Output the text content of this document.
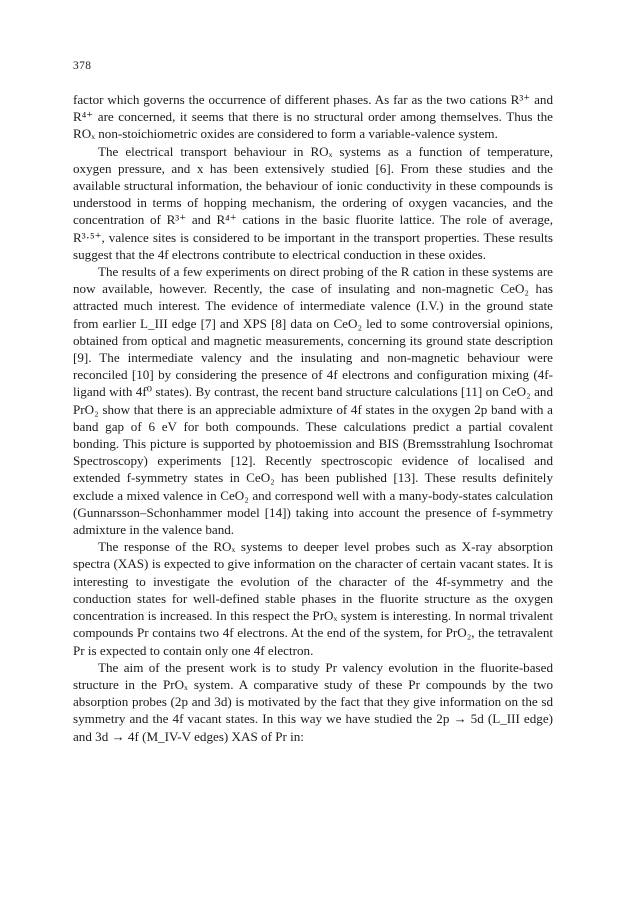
378

factor which governs the occurrence of different phases. As far as the two cations R³⁺ and R⁴⁺ are concerned, it seems that there is no structural order among themselves. Thus the ROₓ non-stoichiometric oxides are considered to form a variable-valence system.

The electrical transport behaviour in ROₓ systems as a function of temperature, oxygen pressure, and x has been extensively studied [6]. From these studies and the available structural information, the behaviour of ionic conductivity in these compounds is understood in terms of hopping mechanism, the ordering of oxygen vacancies, and the concentration of R³⁺ and R⁴⁺ cations in the basic fluorite lattice. The role of average, R³·⁵⁺, valence sites is considered to be important in the transport properties. These results suggest that the 4f electrons contribute to electrical conduction in these oxides.

The results of a few experiments on direct probing of the R cation in these systems are now available, however. Recently, the case of insulating and non-magnetic CeO₂ has attracted much interest. The evidence of intermediate valence (I.V.) in the ground state from earlier L_III edge [7] and XPS [8] data on CeO₂ led to some controversial opinions, obtained from optical and magnetic measurements, concerning its ground state description [9]. The intermediate valency and the insulating and non-magnetic behaviour were reconciled [10] by considering the presence of 4f electrons and configuration mixing (4f-ligand with 4f⁰ states). By contrast, the recent band structure calculations [11] on CeO₂ and PrO₂ show that there is an appreciable admixture of 4f states in the oxygen 2p band with a band gap of 6 eV for both compounds. These calculations predict a partial covalent bonding. This picture is supported by photoemission and BIS (Bremsstrahlung Isochromat Spectroscopy) experiments [12]. Recently spectroscopic evidence of localised and extended f-symmetry states in CeO₂ has been published [13]. These results definitely exclude a mixed valence in CeO₂ and correspond well with a many-body-states calculation (Gunnarsson–Schonhammer model [14]) taking into account the presence of f-symmetry admixture in the valence band.

The response of the ROₓ systems to deeper level probes such as X-ray absorption spectra (XAS) is expected to give information on the character of certain vacant states. It is interesting to investigate the evolution of the character of the 4f-symmetry and the conduction states for well-defined stable phases in the fluorite structure as the oxygen concentration is increased. In this respect the PrOₓ system is interesting. In normal trivalent compounds Pr contains two 4f electrons. At the end of the system, for PrO₂, the tetravalent Pr is expected to contain only one 4f electron.

The aim of the present work is to study Pr valency evolution in the fluorite-based structure in the PrOₓ system. A comparative study of these Pr compounds by the two absorption probes (2p and 3d) is motivated by the fact that they give information on the sd symmetry and the 4f vacant states. In this way we have studied the 2p → 5d (L_III edge) and 3d → 4f (M_IV-V edges) XAS of Pr in:
